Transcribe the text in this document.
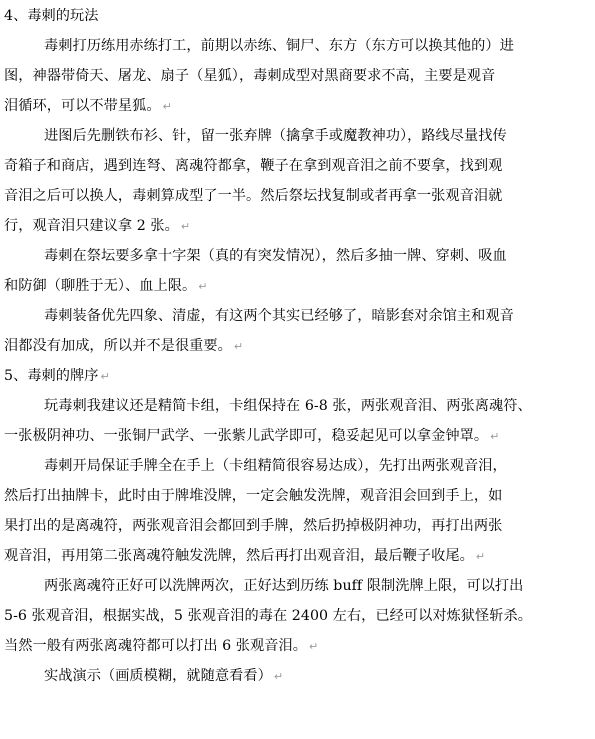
4、毒刺的玩法
毒刺打历练用赤练打工，前期以赤练、铜尸、东方（东方可以换其他的）进
图，神器带倚天、屠龙、扇子（星狐），毒刺成型对黑商要求不高，主要是观音
泪循环，可以不带星狐。 ↵
进图后先删铁布衫、针，留一张弃牌（擒拿手或魔教神功），路线尽量找传
奇箱子和商店，遇到连弩、离魂符都拿，鞭子在拿到观音泪之前不要拿，找到观
音泪之后可以换人，毒刺算成型了一半。然后祭坛找复制或者再拿一张观音泪就
行，观音泪只建议拿 2 张。 ↵
毒刺在祭坛要多拿十字架（真的有突发情况），然后多抽一牌、穿刺、吸血
和防御（聊胜于无）、血上限。 ↵
毒刺装备优先四象、清虚，有这两个其实已经够了，暗影套对余馆主和观音
泪都没有加成，所以并不是很重要。 ↵
5、毒刺的牌序 ↵
玩毒刺我建议还是精简卡组，卡组保持在 6-8 张，两张观音泪、两张离魂符、
一张极阴神功、一张铜尸武学、一张紫儿武学即可，稳妥起见可以拿金钟罩。 ↵
毒刺开局保证手牌全在手上（卡组精简很容易达成），先打出两张观音泪，
然后打出抽牌卡，此时由于牌堆没牌，一定会触发洗牌，观音泪会回到手上，如
果打出的是离魂符，两张观音泪会都回到手牌，然后扔掉极阴神功，再打出两张
观音泪，再用第二张离魂符触发洗牌，然后再打出观音泪，最后鞭子收尾。 ↵
两张离魂符正好可以洗牌两次，正好达到历练 buff 限制洗牌上限，可以打出
5-6 张观音泪，根据实战，5 张观音泪的毒在 2400 左右，已经可以对炼狱怪斩杀。
当然一般有两张离魂符都可以打出 6 张观音泪。 ↵
实战演示（画质模糊，就随意看看） ↵
